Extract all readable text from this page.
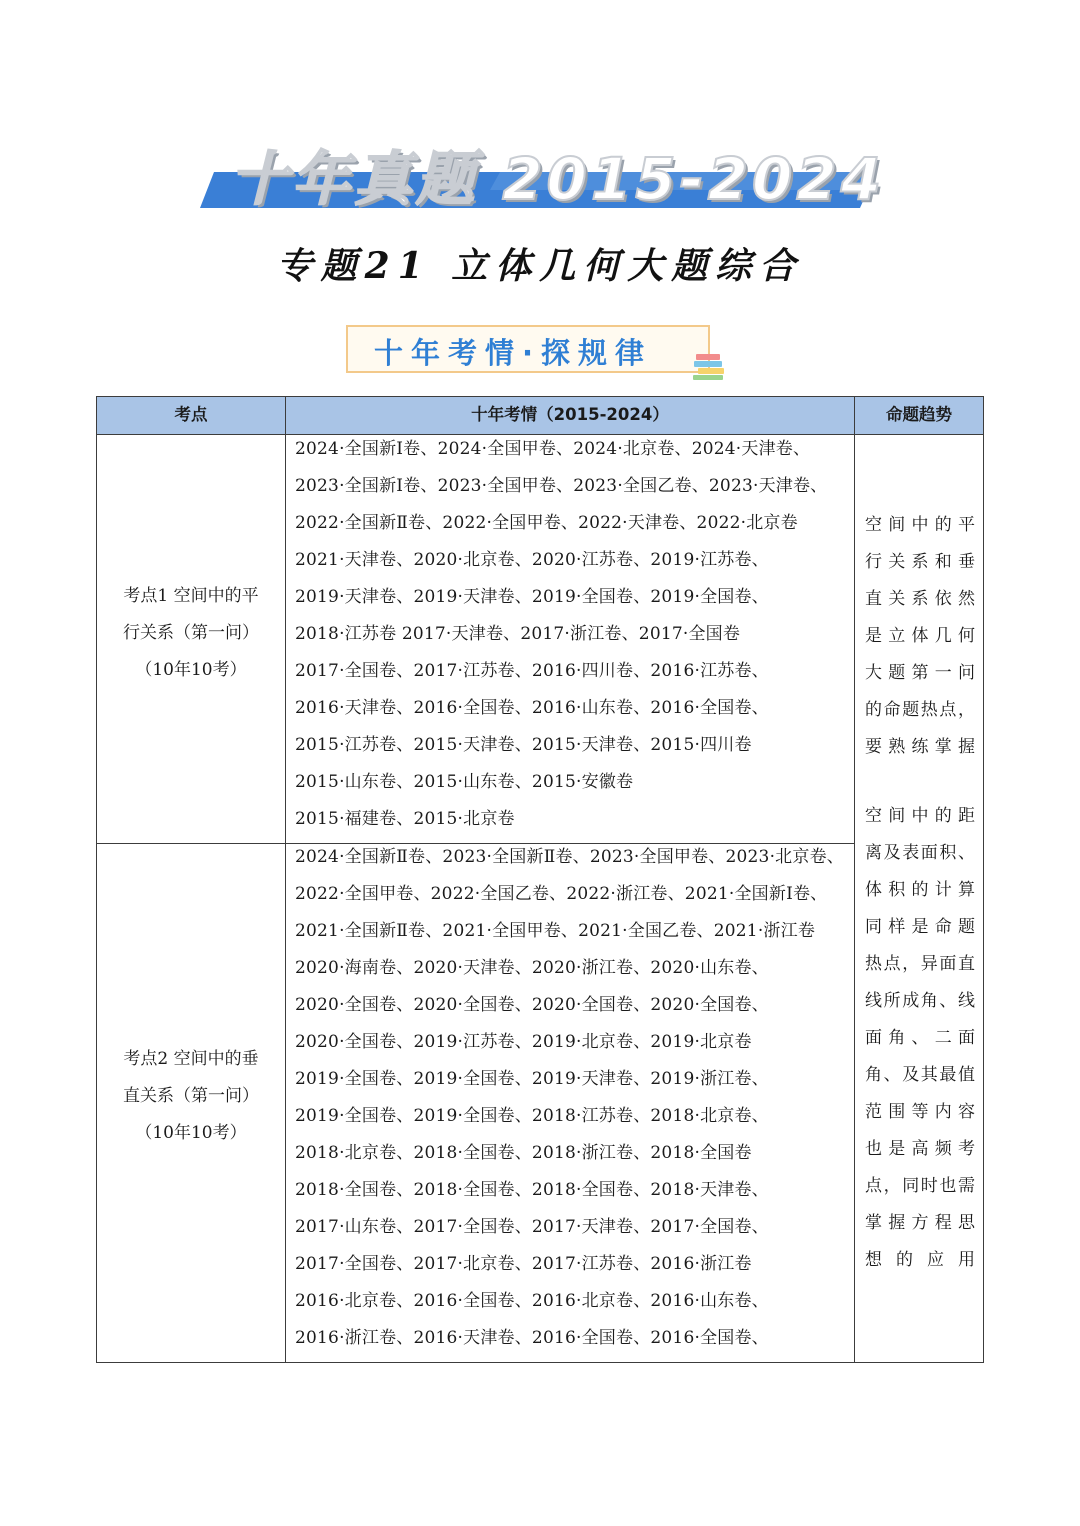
十年真题 2015-2024
专题21 立体几何大题综合
十年考情·探规律
考点	十年考情（2015-2024）	命题趋势
考点1 空间中的平
行关系（第一问）
（10年10考）
2024·全国新Ⅰ卷、2024·全国甲卷、2024·北京卷、2024·天津卷、
2023·全国新Ⅰ卷、2023·全国甲卷、2023·全国乙卷、2023·天津卷、
2022·全国新Ⅱ卷、2022·全国甲卷、2022·天津卷、2022·北京卷
2021·天津卷、2020·北京卷、2020·江苏卷、2019·江苏卷、
2019·天津卷、2019·天津卷、2019·全国卷、2019·全国卷、
2018·江苏卷 2017·天津卷、2017·浙江卷、2017·全国卷
2017·全国卷、2017·江苏卷、2016·四川卷、2016·江苏卷、
2016·天津卷、2016·全国卷、2016·山东卷、2016·全国卷、
2015·江苏卷、2015·天津卷、2015·天津卷、2015·四川卷
2015·山东卷、2015·山东卷、2015·安徽卷
2015·福建卷、2015·北京卷
考点2 空间中的垂
直关系（第一问）
（10年10考）
2024·全国新Ⅱ卷、2023·全国新Ⅱ卷、2023·全国甲卷、2023·北京卷、
2022·全国甲卷、2022·全国乙卷、2022·浙江卷、2021·全国新Ⅰ卷、
2021·全国新Ⅱ卷、2021·全国甲卷、2021·全国乙卷、2021·浙江卷
2020·海南卷、2020·天津卷、2020·浙江卷、2020·山东卷、
2020·全国卷、2020·全国卷、2020·全国卷、2020·全国卷、
2020·全国卷、2019·江苏卷、2019·北京卷、2019·北京卷
2019·全国卷、2019·全国卷、2019·天津卷、2019·浙江卷、
2019·全国卷、2019·全国卷、2018·江苏卷、2018·北京卷、
2018·北京卷、2018·全国卷、2018·浙江卷、2018·全国卷
2018·全国卷、2018·全国卷、2018·全国卷、2018·天津卷、
2017·山东卷、2017·全国卷、2017·天津卷、2017·全国卷、
2017·全国卷、2017·北京卷、2017·江苏卷、2016·浙江卷
2016·北京卷、2016·全国卷、2016·北京卷、2016·山东卷、
2016·浙江卷、2016·天津卷、2016·全国卷、2016·全国卷、
空间中的平
行关系和垂
直关系依然
是立体几何
大题第一问
的命题热点，
要熟练掌握
空间中的距
离及表面积、
体积的计算
同样是命题
热点，异面直
线所成角、线
面角、二面
角、及其最值
范围等内容
也是高频考
点，同时也需
掌握方程思
想的应用
